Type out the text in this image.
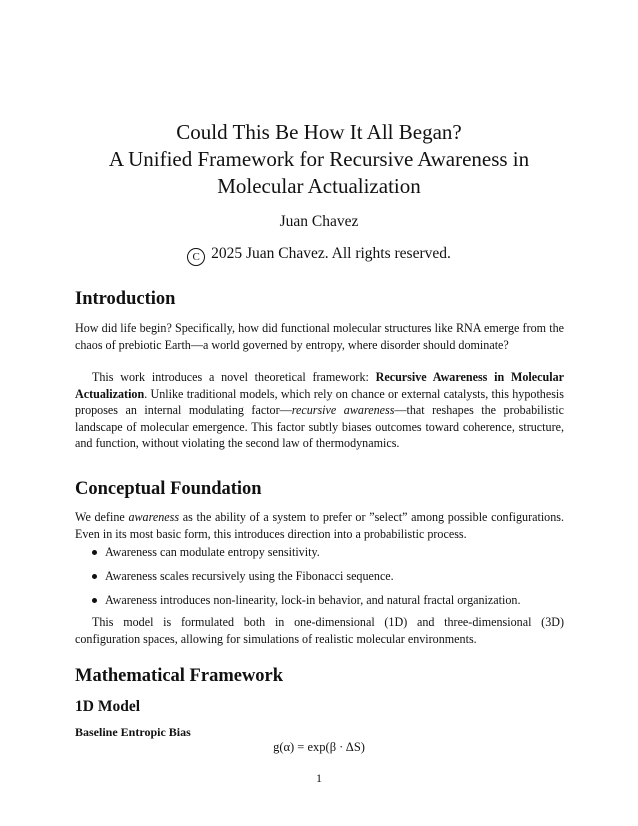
Could This Be How It All Began?
A Unified Framework for Recursive Awareness in
Molecular Actualization
Juan Chavez
C 2025 Juan Chavez. All rights reserved.
Introduction

How did life begin? Specifically, how did functional molecular structures like RNA emerge from the chaos of prebiotic Earth—a world governed by entropy, where disorder should dominate?

This work introduces a novel theoretical framework: Recursive Awareness in Molecular Actualization. Unlike traditional models, which rely on chance or external catalysts, this hypothesis proposes an internal modulating factor—recursive awareness—that reshapes the probabilistic landscape of molecular emergence. This factor subtly biases outcomes toward coherence, structure, and function, without violating the second law of thermodynamics.

Conceptual Foundation

We define awareness as the ability of a system to prefer or ”select” among possible configurations. Even in its most basic form, this introduces direction into a probabilistic process.

Awareness can modulate entropy sensitivity.
Awareness scales recursively using the Fibonacci sequence.
Awareness introduces non-linearity, lock-in behavior, and natural fractal organization.

This model is formulated both in one-dimensional (1D) and three-dimensional (3D) configuration spaces, allowing for simulations of realistic molecular environments.

Mathematical Framework
1D Model
Baseline Entropic Bias
g(α) = exp(β · ΔS)
1
